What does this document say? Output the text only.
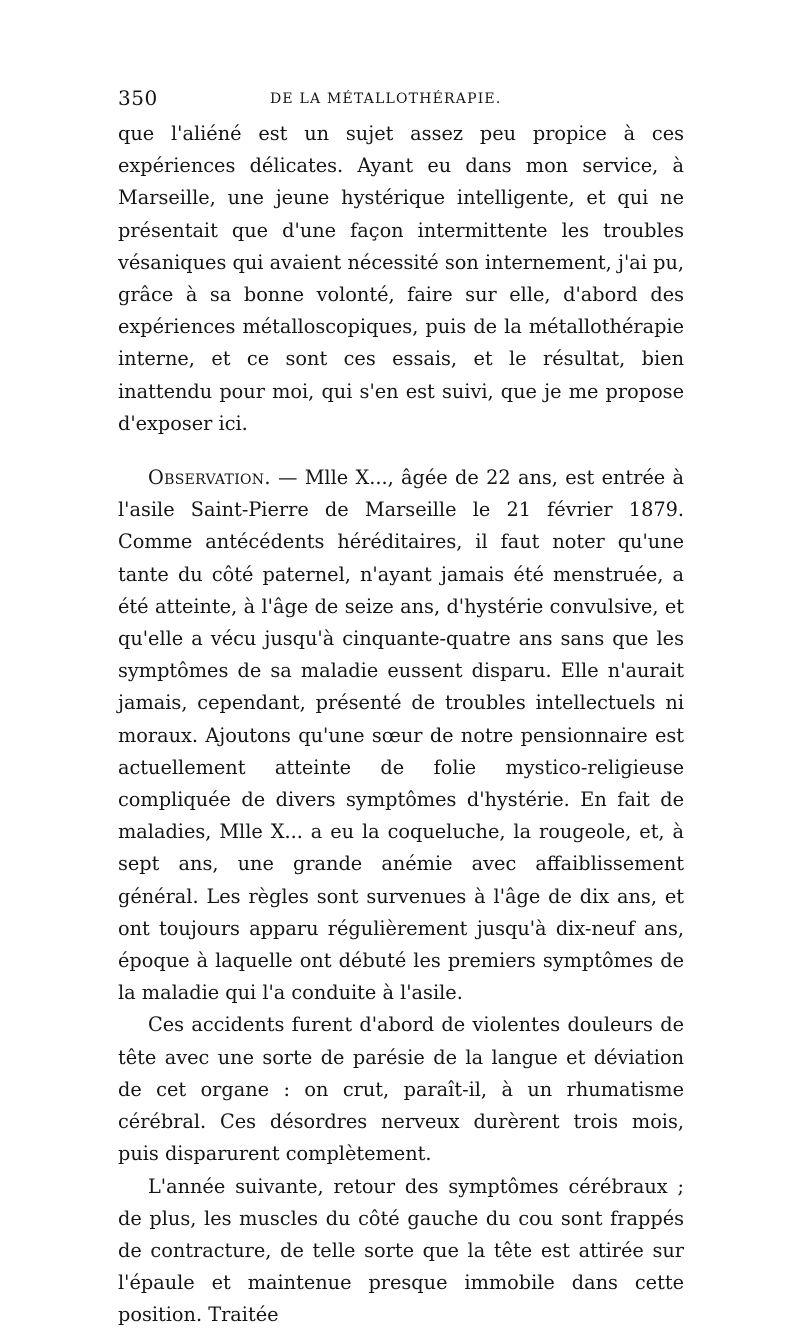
350	DE LA MÉTALLOTHÉRAPIE.

que l'aliéné est un sujet assez peu propice à ces expériences délicates. Ayant eu dans mon service, à Marseille, une jeune hystérique intelligente, et qui ne présentait que d'une façon intermittente les troubles vésaniques qui avaient nécessité son internement, j'ai pu, grâce à sa bonne volonté, faire sur elle, d'abord des expériences métalloscopiques, puis de la métallothérapie interne, et ce sont ces essais, et le résultat, bien inattendu pour moi, qui s'en est suivi, que je me propose d'exposer ici.

Observation. — Mlle X..., âgée de 22 ans, est entrée à l'asile Saint-Pierre de Marseille le 21 février 1879. Comme antécédents héréditaires, il faut noter qu'une tante du côté paternel, n'ayant jamais été menstruée, a été atteinte, à l'âge de seize ans, d'hystérie convulsive, et qu'elle a vécu jusqu'à cinquante-quatre ans sans que les symptômes de sa maladie eussent disparu. Elle n'aurait jamais, cependant, présenté de troubles intellectuels ni moraux. Ajoutons qu'une sœur de notre pensionnaire est actuellement atteinte de folie mystico-religieuse compliquée de divers symptômes d'hystérie. En fait de maladies, Mlle X... a eu la coqueluche, la rougeole, et, à sept ans, une grande anémie avec affaiblissement général. Les règles sont survenues à l'âge de dix ans, et ont toujours apparu régulièrement jusqu'à dix-neuf ans, époque à laquelle ont débuté les premiers symptômes de la maladie qui l'a conduite à l'asile.

Ces accidents furent d'abord de violentes douleurs de tête avec une sorte de parésie de la langue et déviation de cet organe : on crut, paraît-il, à un rhumatisme cérébral. Ces désordres nerveux durèrent trois mois, puis disparurent complètement.

L'année suivante, retour des symptômes cérébraux ; de plus, les muscles du côté gauche du cou sont frappés de contracture, de telle sorte que la tête est attirée sur l'épaule et maintenue presque immobile dans cette position. Traitée
